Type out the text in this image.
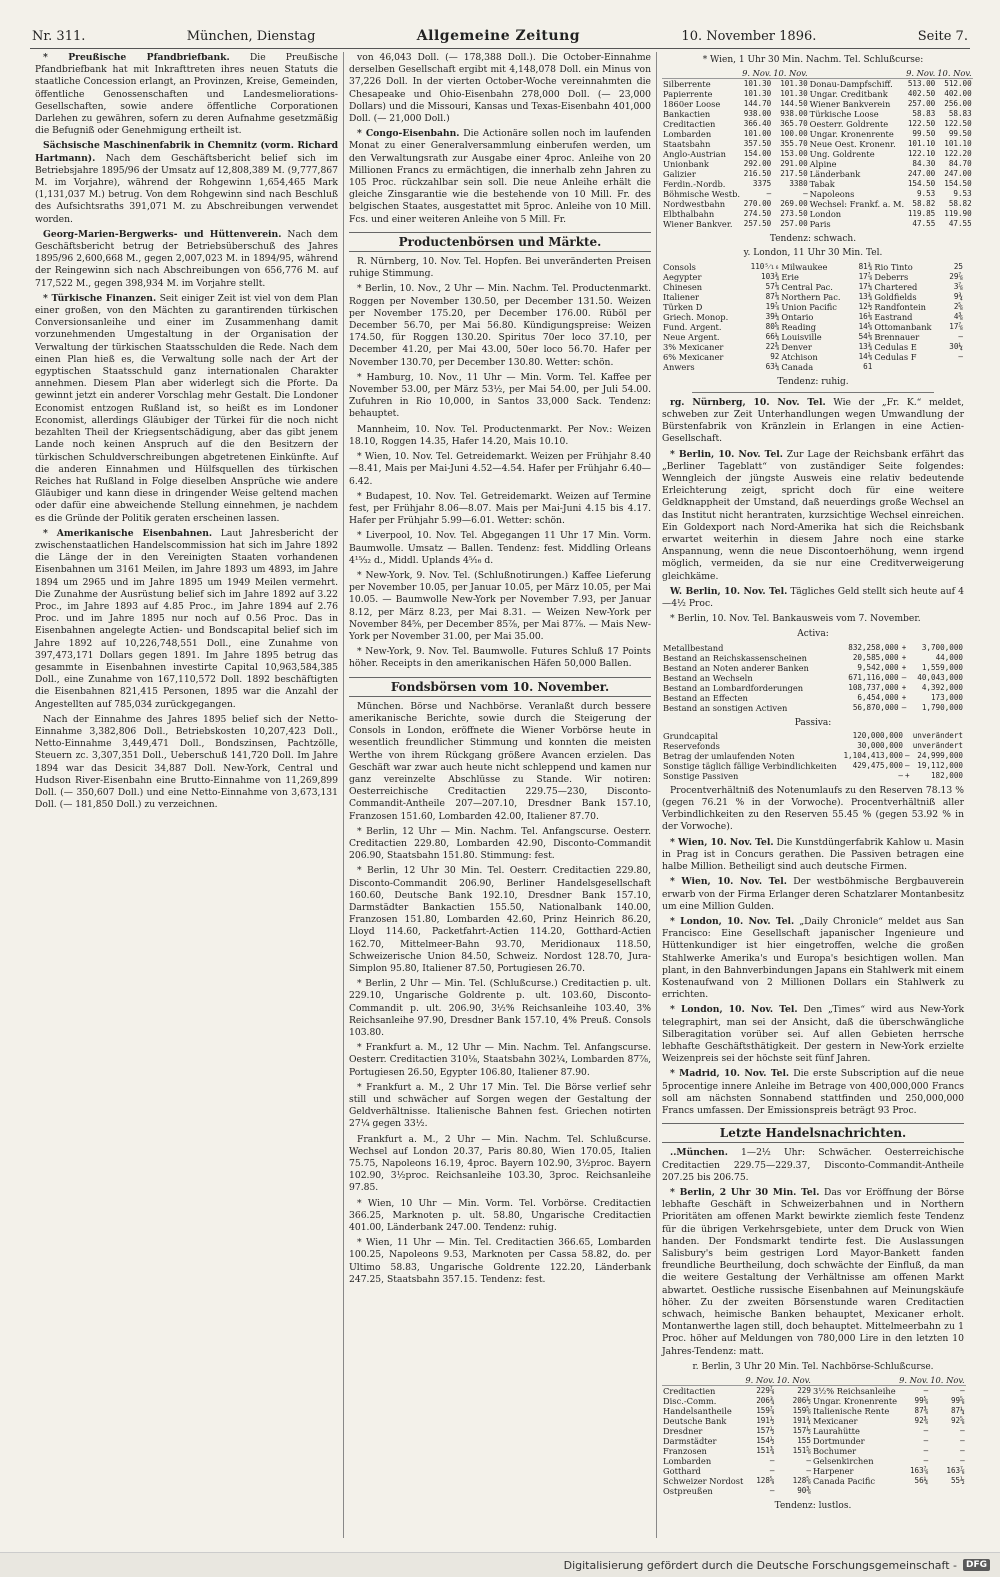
Nr. 311.	München, Dienstag	Allgemeine Zeitung	10. November 1896.	Seite 7.

* Preußische Pfandbriefbank. Die Preußische Pfandbriefbank hat mit Inkrafttreten ihres neuen Statuts die staatliche Concession erlangt, an Provinzen, Kreise, Gemeinden, öffentliche Genossenschaften und Landesmeliorations-Gesellschaften, sowie andere öffentliche Corporationen Darlehen zu gewähren, sofern zu deren Aufnahme gesetzmäßig die Befugniß oder Genehmigung ertheilt ist.

Sächsische Maschinenfabrik in Chemnitz (vorm. Richard Hartmann). Nach dem Geschäftsbericht belief sich im Betriebsjahre 1895/96 der Umsatz auf 12,808,389 M. (9,777,867 M. im Vorjahre), während der Rohgewinn 1,654,465 Mark (1,131,037 M.) betrug. Von dem Rohgewinn sind nach Beschluß des Aufsichtsraths 391,071 M. zu Abschreibungen verwendet worden.

Georg-Marien-Bergwerks- und Hüttenverein. Nach dem Geschäftsbericht betrug der Betriebsüberschuß des Jahres 1895/96 2,600,668 M., gegen 2,007,023 M. in 1894/95, während der Reingewinn sich nach Abschreibungen von 656,776 M. auf 717,522 M., gegen 398,934 M. im Vorjahre stellt.

* Türkische Finanzen. Seit einiger Zeit ist viel von dem Plan einer großen, von den Mächten zu garantirenden türkischen Conversionsanleihe und einer im Zusammenhang damit vorzunehmenden Umgestaltung in der Organisation der Verwaltung der türkischen Staatsschulden die Rede. Nach dem einen Plan hieß es, die Verwaltung solle nach der Art der egyptischen Staatsschuld ganz internationalen Charakter annehmen. Diesem Plan aber widerlegt sich die Pforte. Da gewinnt jetzt ein anderer Vorschlag mehr Gestalt. Die Londoner Economist entzogen Rußland ist, so heißt es im Londoner Economist, allerdings Gläubiger der Türkei für die noch nicht bezahlten Theil der Kriegsentschädigung, aber das gibt jenem Lande noch keinen Anspruch auf die den Besitzern der türkischen Schuldverschreibungen abgetretenen Einkünfte. Auf die anderen Einnahmen und Hülfsquellen des türkischen Reiches hat Rußland in Folge dieselben Ansprüche wie andere Gläubiger und kann diese in dringender Weise geltend machen oder dafür eine abweichende Stellung einnehmen, je nachdem es die Gründe der Politik geraten erscheinen lassen.

* Amerikanische Eisenbahnen. Laut Jahresbericht der zwischenstaatlichen Handelscommission hat sich im Jahre 1892 die Länge der in den Vereinigten Staaten vorhandenen Eisenbahnen um 3161 Meilen, im Jahre 1893 um 4893, im Jahre 1894 um 2965 und im Jahre 1895 um 1949 Meilen vermehrt. Die Zunahme der Ausrüstung belief sich im Jahre 1892 auf 3.22 Proc., im Jahre 1893 auf 4.85 Proc., im Jahre 1894 auf 2.76 Proc. und im Jahre 1895 nur noch auf 0.56 Proc. Das in Eisenbahnen angelegte Actien- und Bondscapital belief sich im Jahre 1892 auf 10,226,748,551 Doll., eine Zunahme von 397,473,171 Dollars gegen 1891. Im Jahre 1895 betrug das gesammte in Eisenbahnen investirte Capital 10,963,584,385 Doll., eine Zunahme von 167,110,572 Doll. 1892 beschäftigten die Eisenbahnen 821,415 Personen, 1895 war die Anzahl der Angestellten auf 785,034 zurückgegangen.

Nach der Einnahme des Jahres 1895 belief sich der Netto-Einnahme 3,382,806 Doll., Betriebskosten 10,207,423 Doll., Netto-Einnahme 3,449,471 Doll., Bondszinsen, Pachtzölle, Steuern zc. 3,307,351 Doll., Ueberschuß 141,720 Doll. Im Jahre 1894 war das Desicit 34,887 Doll. New-York, Central und Hudson River-Eisenbahn eine Brutto-Einnahme von 11,269,899 Doll. (— 350,607 Doll.) und eine Netto-Einnahme von 3,673,131 Doll. (— 181,850 Doll.) zu verzeichnen.

von 46,043 Doll. (— 178,388 Doll.). Die October-Einnahme derselben Gesellschaft ergibt mit 4,148,078 Doll. ein Minus von 37,226 Doll. In der vierten October-Woche vereinnahmten die Chesapeake und Ohio-Eisenbahn 278,000 Doll. (— 23,000 Dollars) und die Missouri, Kansas und Texas-Eisenbahn 401,000 Doll. (— 21,000 Doll.)

* Congo-Eisenbahn. Die Actionäre sollen noch im laufenden Monat zu einer Generalversammlung einberufen werden, um den Verwaltungsrath zur Ausgabe einer 4proc. Anleihe von 20 Millionen Francs zu ermächtigen, die innerhalb zehn Jahren zu 105 Proc. rückzahlbar sein soll. Die neue Anleihe erhält die gleiche Zinsgarantie wie die bestehende von 10 Mill. Fr. des belgischen Staates, ausgestattet mit 5proc. Anleihe von 10 Mill. Fcs. und einer weiteren Anleihe von 5 Mill. Fr.

Productenbörsen und Märkte.

R. Nürnberg, 10. Nov. Tel. Hopfen. Bei unveränderten Preisen ruhige Stimmung.

* Berlin, 10. Nov., 2 Uhr — Min. Nachm. Tel. Productenmarkt. Roggen per November 130.50, per December 131.50. Weizen per November 175.20, per December 176.00. Rüböl per December 56.70, per Mai 56.80. Kündigungspreise: Weizen 174.50, für Roggen 130.20. Spiritus 70er loco 37.10, per December 41.20, per Mai 43.00, 50er loco 56.70. Hafer per November 130.70, per December 130.80. Wetter: schön.

* Hamburg, 10. Nov., 11 Uhr — Min. Vorm. Tel. Kaffee per November 53.00, per März 53½, per Mai 54.00, per Juli 54.00. Zufuhren in Rio 10,000, in Santos 33,000 Sack. Tendenz: behauptet.

Mannheim, 10. Nov. Tel. Productenmarkt. Per Nov.: Weizen 18.10, Roggen 14.35, Hafer 14.20, Mais 10.10.

* Wien, 10. Nov. Tel. Getreidemarkt. Weizen per Frühjahr 8.40—8.41, Mais per Mai-Juni 4.52—4.54. Hafer per Frühjahr 6.40—6.42.

* Budapest, 10. Nov. Tel. Getreidemarkt. Weizen auf Termine fest, per Frühjahr 8.06—8.07. Mais per Mai-Juni 4.15 bis 4.17. Hafer per Frühjahr 5.99—6.01. Wetter: schön.

* Liverpool, 10. Nov. Tel. Abgegangen 11 Uhr 17 Min. Vorm. Baumwolle. Umsatz — Ballen. Tendenz: fest. Middling Orleans 4¹⁵⁄₃₂ d., Middl. Uplands 4⁵⁄₁₆ d.

* New-York, 9. Nov. Tel. (Schlußnotirungen.) Kaffee Lieferung per November 10.05, per Januar 10.05, per März 10.05, per Mai 10.05. — Baumwolle New-York per November 7.93, per Januar 8.12, per März 8.23, per Mai 8.31. — Weizen New-York per November 84⅝, per December 85⅞, per Mai 87⅞. — Mais New-York per November 31.00, per Mai 35.00.

* New-York, 9. Nov. Tel. Baumwolle. Futures Schluß 17 Points höher. Receipts in den amerikanischen Häfen 50,000 Ballen.

Fondsbörsen vom 10. November.

München. Börse und Nachbörse. Veranlaßt durch bessere amerikanische Berichte, sowie durch die Steigerung der Consols in London, eröffnete die Wiener Vorbörse heute in wesentlich freundlicher Stimmung und konnten die meisten Werthe von ihrem Rückgang größere Avancen erzielen. Das Geschäft war zwar auch heute nicht schleppend und kamen nur ganz vereinzelte Abschlüsse zu Stande. Wir notiren: Oesterreichische Creditactien 229.75—230, Disconto-Commandit-Antheile 207—207.10, Dresdner Bank 157.10, Franzosen 151.60, Lombarden 42.00, Italiener 87.70.

* Berlin, 12 Uhr — Min. Nachm. Tel. Anfangscurse. Oesterr. Creditactien 229.80, Lombarden 42.90, Disconto-Commandit 206.90, Staatsbahn 151.80. Stimmung: fest.

* Berlin, 12 Uhr 30 Min. Tel. Oesterr. Creditactien 229.80, Disconto-Commandit 206.90, Berliner Handelsgesellschaft 160.60, Deutsche Bank 192.10, Dresdner Bank 157.10, Darmstädter Bankactien 155.50, Nationalbank 140.00, Franzosen 151.80, Lombarden 42.60, Prinz Heinrich 86.20, Lloyd 114.60, Packetfahrt-Actien 114.20, Gotthard-Actien 162.70, Mittelmeer-Bahn 93.70, Meridionaux 118.50, Schweizerische Union 84.50, Schweiz. Nordost 128.70, Jura-Simplon 95.80, Italiener 87.50, Portugiesen 26.70.

* Berlin, 2 Uhr — Min. Tel. (Schlußcurse.) Creditactien p. ult. 229.10, Ungarische Goldrente p. ult. 103.60, Disconto-Commandit p. ult. 206.90, 3½% Reichsanleihe 103.40, 3% Reichsanleihe 97.90, Dresdner Bank 157.10, 4% Preuß. Consols 103.80.

* Frankfurt a. M., 12 Uhr — Min. Nachm. Tel. Anfangscurse. Oesterr. Creditactien 310⅛, Staatsbahn 302¼, Lombarden 87⅞, Portugiesen 26.50, Egypter 106.80, Italiener 87.90.

* Frankfurt a. M., 2 Uhr 17 Min. Tel. Die Börse verlief sehr still und schwächer auf Sorgen wegen der Gestaltung der Geldverhältnisse. Italienische Bahnen fest. Griechen notirten 27¼ gegen 33½.

Frankfurt a. M., 2 Uhr — Min. Nachm. Tel. Schlußcurse. Wechsel auf London 20.37, Paris 80.80, Wien 170.05, Italien 75.75, Napoleons 16.19, 4proc. Bayern 102.90, 3½proc. Bayern 102.90, 3½proc. Reichsanleihe 103.30, 3proc. Reichsanleihe 97.85.

* Wien, 10 Uhr — Min. Vorm. Tel. Vorbörse. Creditactien 366.25, Marknoten p. ult. 58.80, Ungarische Creditactien 401.00, Länderbank 247.00. Tendenz: ruhig.

* Wien, 11 Uhr — Min. Tel. Creditactien 366.65, Lombarden 100.25, Napoleons 9.53, Marknoten per Cassa 58.82, do. per Ultimo 58.83, Ungarische Goldrente 122.20, Länderbank 247.25, Staatsbahn 357.15. Tendenz: fest.

* Wien, 1 Uhr 30 Min. Nachm. Tel. Schlußcurse:
	9. Nov.	10. Nov.		9. Nov.	10. Nov.
Silberrente	101.30	101.30	Donau-Dampfschiff.	513.00	512.00
Papierrente	101.30	101.30	Ungar. Creditbank	402.50	402.00
1860er Loose	144.70	144.50	Wiener Bankverein	257.00	256.00
Bankactien	938.00	938.00	Türkische Loose	58.83	58.83
Creditactien	366.40	365.70	Oesterr. Goldrente	122.50	122.50
Lombarden	101.00	100.00	Ungar. Kronenrente	99.50	99.50
Staatsbahn	357.50	355.70	Neue Oest. Kronenr.	101.10	101.10
Anglo-Austrian	154.00	153.00	Ung. Goldrente	122.10	122.20
Unionbank	292.00	291.00	Alpine	84.30	84.70
Galizier	216.50	217.50	Länderbank	247.00	247.00
Ferdin.-Nordb.	3375	3380	Tabak	154.50	154.50
Böhmische Westb.	—	—	Napoleons	9.53	9.53
Nordwestbahn	270.00	269.00	Wechsel: Frankf. a. M.	58.82	58.82
Elbthalbahn	274.50	273.50	London	119.85	119.90
Wiener Bankver.	257.50	257.00	Paris	47.55	47.55
Tendenz: schwach.
y. London, 11 Uhr 30 Min. Tel.
Consols	110⁵⁄₁₆	Milwaukee	81¾	Rio Tinto	25
Aegypter	103¾	Erie	17⅞	Deberrs	29⅞
Chinesen	57⅛	Central Pac.	17¼	Chartered	3⅞
Italiener	87⅛	Northern Pac.	13¾	Goldfields	9¾
Türken D	19⅞	Union Pacific	12½	Randfontein	2⅝
Griech. Monop.	39¼	Ontario	16⅛	Eastrand	4⅜
Fund. Argent.	80⅝	Reading	14⅝	Ottomanbank	17⅞
Neue Argent.	66¼	Louisville	54⅛	Brennauer	—
3% Mexicaner	22⅜	Denver	13¾	Cedulas E	30¼
6% Mexicaner	92	Atchison	14⅛	Cedulas F	—
Anwers	63¼	Canada	61		
Tendenz: ruhig.

rg. Nürnberg, 10. Nov. Tel. Wie der „Fr. K.“ meldet, schweben zur Zeit Unterhandlungen wegen Umwandlung der Bürstenfabrik von Kränzlein in Erlangen in eine Actien-Gesellschaft.

* Berlin, 10. Nov. Tel. Zur Lage der Reichsbank erfährt das „Berliner Tageblatt“ von zuständiger Seite folgendes: Wenngleich der jüngste Ausweis eine relativ bedeutende Erleichterung zeigt, spricht doch für eine weitere Geldknappheit der Umstand, daß neuerdings große Wechsel an das Institut nicht herantraten, kurzsichtige Wechsel einreichen. Ein Goldexport nach Nord-Amerika hat sich die Reichsbank erwartet weiterhin in diesem Jahre noch eine starke Anspannung, wenn die neue Discontoerhöhung, wenn irgend möglich, vermeiden, da sie nur eine Creditverweigerung gleichkäme.

W. Berlin, 10. Nov. Tel. Tägliches Geld stellt sich heute auf 4—4½ Proc.

* Berlin, 10. Nov. Tel. Bankausweis vom 7. November.

Activa:
Metallbestand	832,258,000	+	3,700,000
Bestand an Reichskassenscheinen	20,585,000	+	44,000
Bestand an Noten anderer Banken	9,542,000	+	1,559,000
Bestand an Wechseln	671,116,000	—	40,043,000
Bestand an Lombardforderungen	108,737,000	+	4,392,000
Bestand an Effecten	6,454,000	+	173,000
Bestand an sonstigen Activen	56,870,000	—	1,790,000
Passiva:
Grundcapital	120,000,000		unverändert
Reservefonds	30,000,000		unverändert
Betrag der umlaufenden Noten	1,104,413,000	—	24,999,000
Sonstige täglich fällige Verbindlichkeiten	429,475,000	—	19,112,000
Sonstige Passiven	—	+	182,000

Procentverhältniß des Notenumlaufs zu den Reserven 78.13 % (gegen 76.21 % in der Vorwoche). Procentverhältniß aller Verbindlichkeiten zu den Reserven 55.45 % (gegen 53.92 % in der Vorwoche).

* Wien, 10. Nov. Tel. Die Kunstdüngerfabrik Kahlow u. Masin in Prag ist in Concurs gerathen. Die Passiven betragen eine halbe Million. Betheiligt sind auch deutsche Firmen.

* Wien, 10. Nov. Tel. Der westböhmische Bergbauverein erwarb von der Firma Erlanger deren Schatzlarer Montanbesitz um eine Million Gulden.

* London, 10. Nov. Tel. „Daily Chronicle“ meldet aus San Francisco: Eine Gesellschaft japanischer Ingenieure und Hüttenkundiger ist hier eingetroffen, welche die großen Stahlwerke Amerika's und Europa's besichtigen wollen. Man plant, in den Bahnverbindungen Japans ein Stahlwerk mit einem Kostenaufwand von 2 Millionen Dollars ein Stahlwerk zu errichten.

* London, 10. Nov. Tel. Den „Times“ wird aus New-York telegraphirt, man sei der Ansicht, daß die überschwängliche Silberagitation vorüber sei. Auf allen Gebieten herrsche lebhafte Geschäftsthätigkeit. Der gestern in New-York erzielte Weizenpreis sei der höchste seit fünf Jahren.

* Madrid, 10. Nov. Tel. Die erste Subscription auf die neue 5procentige innere Anleihe im Betrage von 400,000,000 Francs soll am nächsten Sonnabend stattfinden und 250,000,000 Francs umfassen. Der Emissionspreis beträgt 93 Proc.

Letzte Handelsnachrichten.

..München. 1—2½ Uhr: Schwächer. Oesterreichische Creditactien 229.75—229.37, Disconto-Commandit-Antheile 207.25 bis 206.75.

* Berlin, 2 Uhr 30 Min. Tel. Das vor Eröffnung der Börse lebhafte Geschäft in Schweizerbahnen und in Northern Prioritäten am offenen Markt bewirkte ziemlich feste Tendenz für die übrigen Verkehrsgebiete, unter dem Druck von Wien handen. Der Fondsmarkt tendirte fest. Die Auslassungen Salisbury's beim gestrigen Lord Mayor-Bankett fanden freundliche Beurtheilung, doch schwächte der Einfluß, da man die weitere Gestaltung der Verhältnisse am offenen Markt abwartet. Oestliche russische Eisenbahnen auf Meinungskäufe höher. Zu der zweiten Börsenstunde waren Creditactien schwach, heimische Banken behauptet, Mexicaner erholt. Montanwerthe lagen still, doch behauptet. Mittelmeerbahn zu 1 Proc. höher auf Meldungen von 780,000 Lire in den letzten 10 Jahres-Tendenz: matt.

r. Berlin, 3 Uhr 20 Min. Tel. Nachbörse-Schlußcurse.
	9. Nov.	10. Nov.		9. Nov.	10. Nov.
Creditactien	229⅞	229	3½% Reichsanleihe	—	—
Disc.-Comm.	206¾	206½	Ungar. Kronenrente	99⅝	99⅝
Handelsantheile	159⅞	159⅝	Italienische Rente	87⅜	87¼
Deutsche Bank	191½	191¾	Mexicaner	92⅜	92⅝
Dresdner	157½	157½	Laurahütte	—	—
Darmstädter	154½	155	Dortmunder	—	—
Franzosen	151⅜	151⅝	Bochumer	—	—
Lombarden	—	—	Gelsenkirchen	—	—
Gotthard	—	—	Harpener	163⅞	163⅞
Schweizer Nordost	128⅝	128⅝	Canada Pacific	56¼	55½
Ostpreußen	—	90⅜			
Tendenz: lustlos.
Digitalisierung gefördert durch die Deutsche Forschungsgemeinschaft -	DFG
